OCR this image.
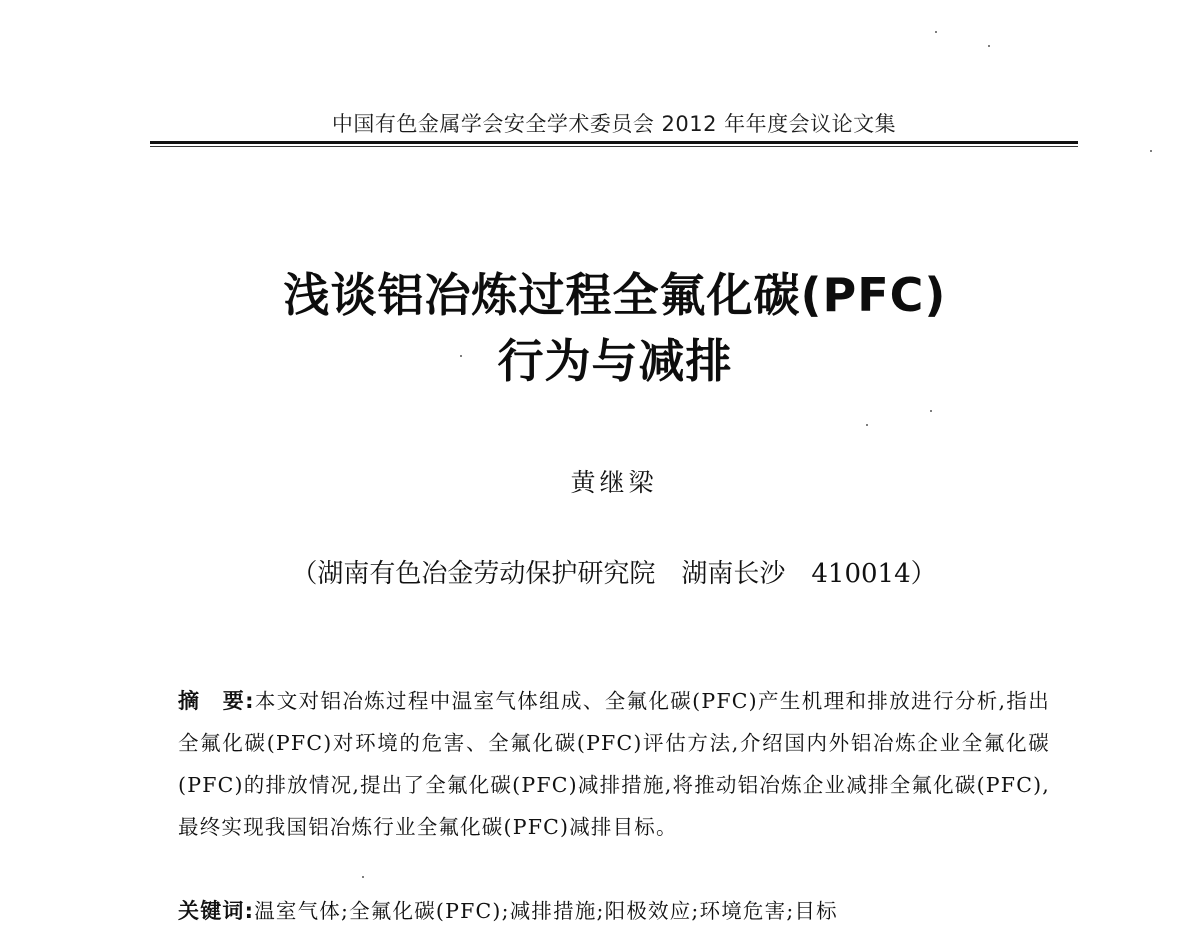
中国有色金属学会安全学术委员会 2012 年年度会议论文集
浅谈铝冶炼过程全氟化碳(PFC)
行为与减排
黄继梁
（湖南有色冶金劳动保护研究院　湖南长沙　410014）
摘　要:本文对铝冶炼过程中温室气体组成、全氟化碳(PFC)产生机理和排放进行分析,指出全氟化碳(PFC)对环境的危害、全氟化碳(PFC)评估方法,介绍国内外铝冶炼企业全氟化碳(PFC)的排放情况,提出了全氟化碳(PFC)减排措施,将推动铝冶炼企业减排全氟化碳(PFC),最终实现我国铝冶炼行业全氟化碳(PFC)减排目标。
关键词:温室气体;全氟化碳(PFC);减排措施;阳极效应;环境危害;目标
